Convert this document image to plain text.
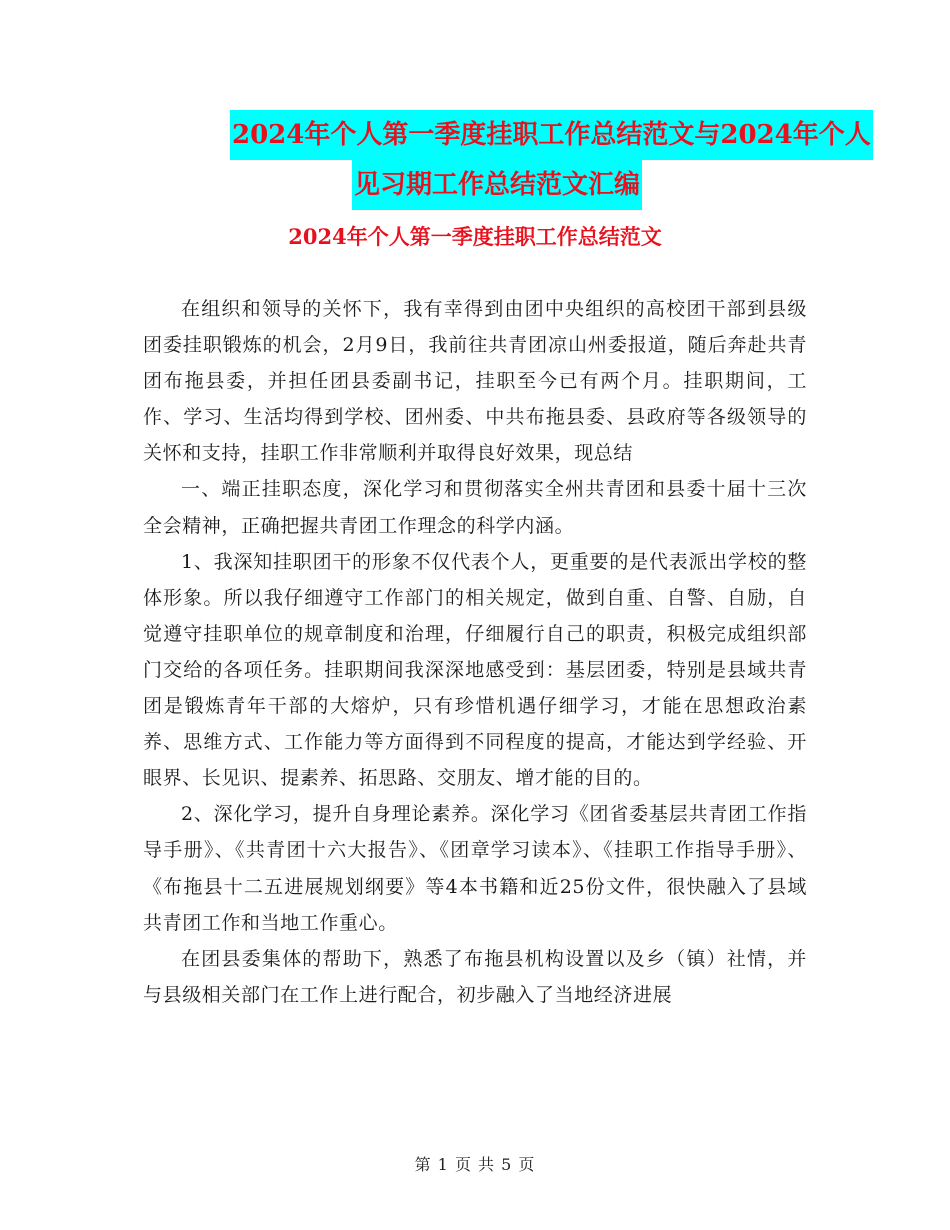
2024年个人第一季度挂职工作总结范文与2024年个人
见习期工作总结范文汇编
2024年个人第一季度挂职工作总结范文

在组织和领导的关怀下，我有幸得到由团中央组织的高校团干部到县级团委挂职锻炼的机会，2月9日，我前往共青团凉山州委报道，随后奔赴共青团布拖县委，并担任团县委副书记，挂职至今已有两个月。挂职期间，工作、学习、生活均得到学校、团州委、中共布拖县委、县政府等各级领导的关怀和支持，挂职工作非常顺利并取得良好效果，现总结

一、端正挂职态度，深化学习和贯彻落实全州共青团和县委十届十三次全会精神，正确把握共青团工作理念的科学内涵。

1、我深知挂职团干的形象不仅代表个人，更重要的是代表派出学校的整体形象。所以我仔细遵守工作部门的相关规定，做到自重、自警、自励，自觉遵守挂职单位的规章制度和治理，仔细履行自己的职责，积极完成组织部门交给的各项任务。挂职期间我深深地感受到：基层团委，特别是县域共青团是锻炼青年干部的大熔炉，只有珍惜机遇仔细学习，才能在思想政治素养、思维方式、工作能力等方面得到不同程度的提高，才能达到学经验、开眼界、长见识、提素养、拓思路、交朋友、增才能的目的。

2、深化学习，提升自身理论素养。深化学习《团省委基层共青团工作指导手册》、《共青团十六大报告》、《团章学习读本》、《挂职工作指导手册》、《布拖县十二五进展规划纲要》等4本书籍和近25份文件，很快融入了县域共青团工作和当地工作重心。

在团县委集体的帮助下，熟悉了布拖县机构设置以及乡（镇）社情，并与县级相关部门在工作上进行配合，初步融入了当地经济进展

第 1 页 共 5 页
